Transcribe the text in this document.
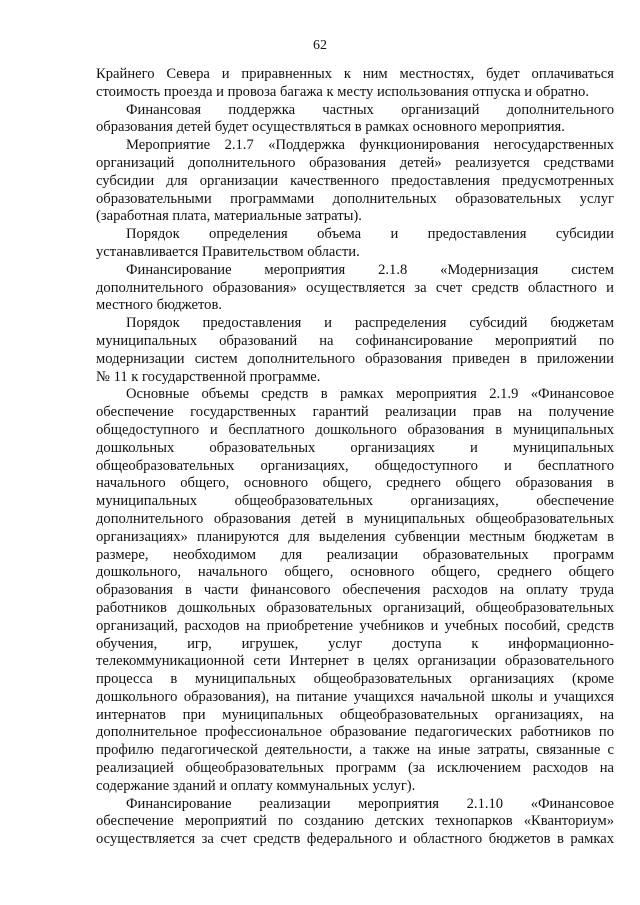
62
Крайнего Севера и приравненных к ним местностях, будет оплачиваться
стоимость проезда и провоза багажа к месту использования отпуска и обратно.
Финансовая поддержка частных организаций дополнительного
образования детей будет осуществляться в рамках основного мероприятия.
Мероприятие 2.1.7 «Поддержка функционирования негосударственных
организаций дополнительного образования детей» реализуется средствами
субсидии для организации качественного предоставления предусмотренных
образовательными программами дополнительных образовательных услуг
(заработная плата, материальные затраты).
Порядок определения объема и предоставления субсидии
устанавливается Правительством области.
Финансирование мероприятия 2.1.8 «Модернизация систем
дополнительного образования» осуществляется за счет средств областного и
местного бюджетов.
Порядок предоставления и распределения субсидий бюджетам
муниципальных образований на софинансирование мероприятий по
модернизации систем дополнительного образования приведен в приложении
№ 11 к государственной программе.
Основные объемы средств в рамках мероприятия 2.1.9 «Финансовое
обеспечение государственных гарантий реализации прав на получение
общедоступного и бесплатного дошкольного образования в муниципальных
дошкольных образовательных организациях и муниципальных
общеобразовательных организациях, общедоступного и бесплатного
начального общего, основного общего, среднего общего образования в
муниципальных общеобразовательных организациях, обеспечение
дополнительного образования детей в муниципальных общеобразовательных
организациях» планируются для выделения субвенции местным бюджетам в
размере, необходимом для реализации образовательных программ
дошкольного, начального общего, основного общего, среднего общего
образования в части финансового обеспечения расходов на оплату труда
работников дошкольных образовательных организаций, общеобразовательных
организаций, расходов на приобретение учебников и учебных пособий, средств
обучения, игр, игрушек, услуг доступа к информационно-
телекоммуникационной сети Интернет в целях организации образовательного
процесса в муниципальных общеобразовательных организациях (кроме
дошкольного образования), на питание учащихся начальной школы и учащихся
интернатов при муниципальных общеобразовательных организациях, на
дополнительное профессиональное образование педагогических работников по
профилю педагогической деятельности, а также на иные затраты, связанные с
реализацией общеобразовательных программ (за исключением расходов на
содержание зданий и оплату коммунальных услуг).
Финансирование реализации мероприятия 2.1.10 «Финансовое
обеспечение мероприятий по созданию детских технопарков «Кванториум»
осуществляется за счет средств федерального и областного бюджетов в рамках
